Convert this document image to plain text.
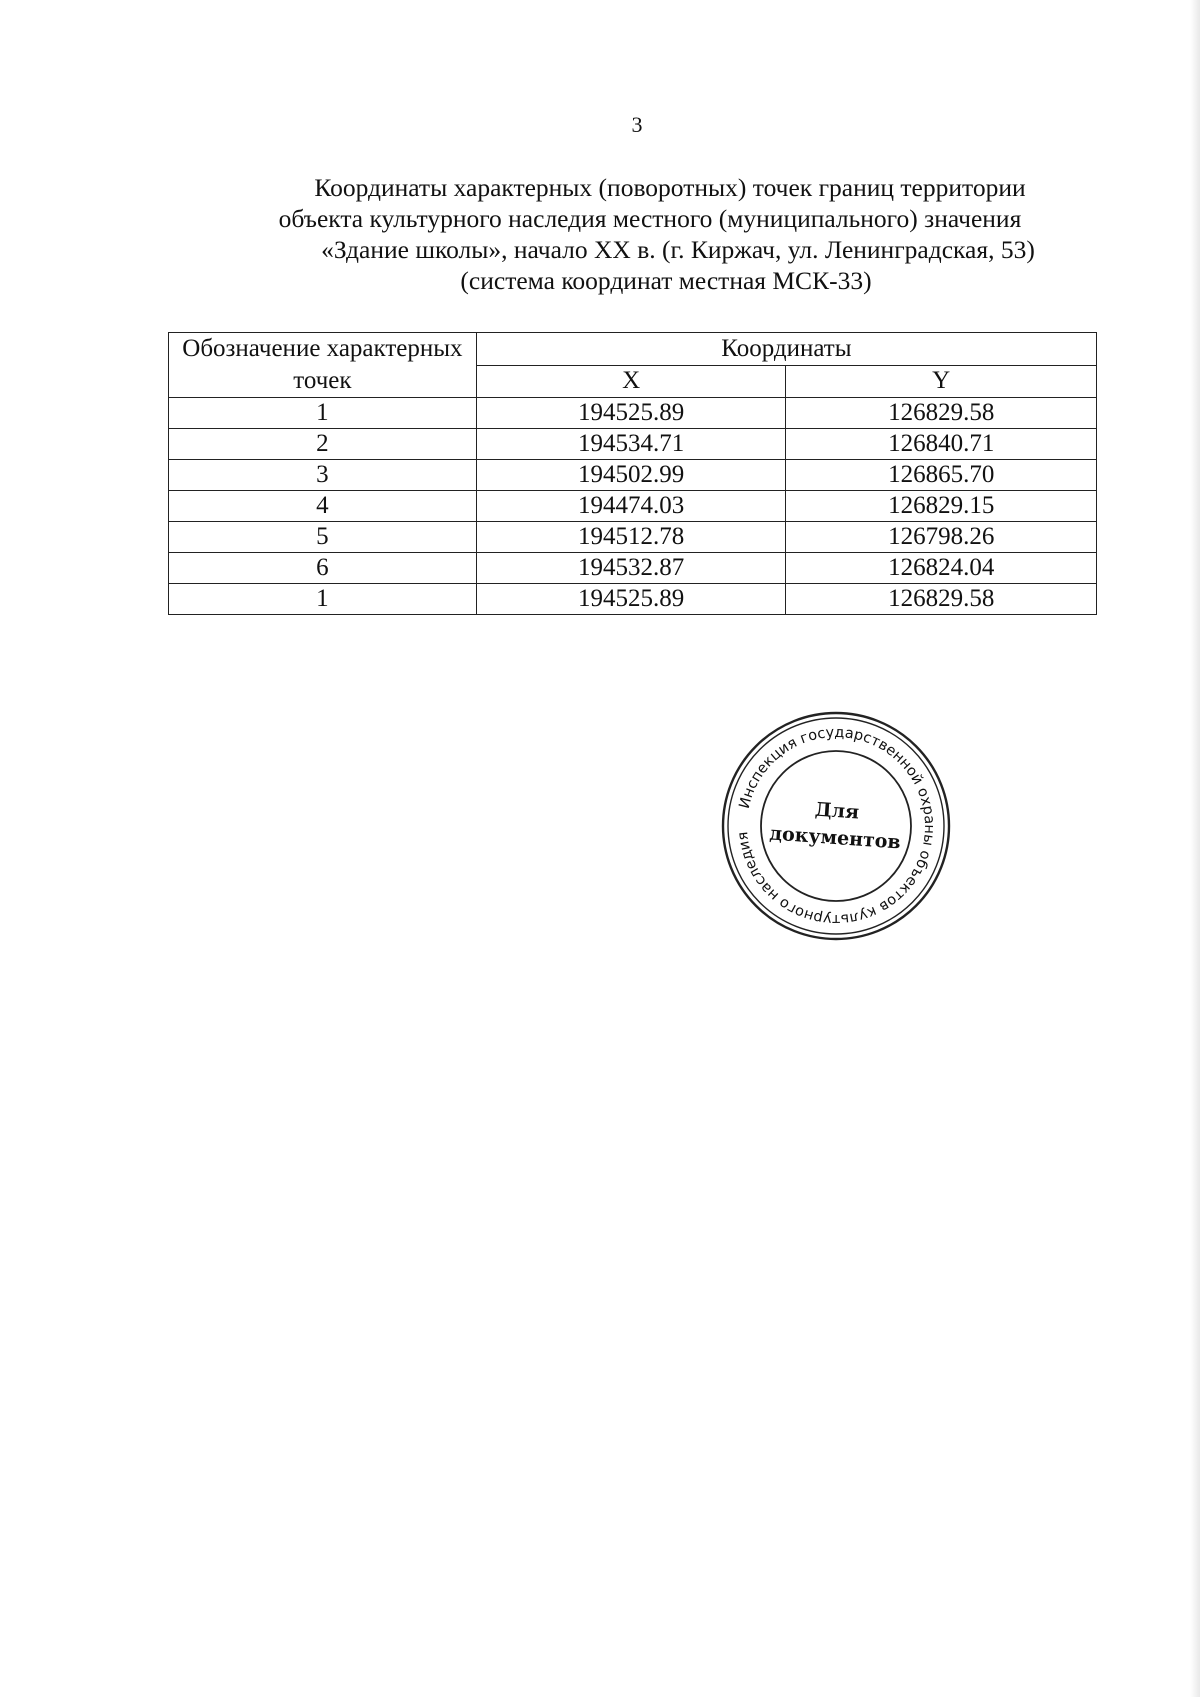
3
Координаты характерных (поворотных) точек границ территории
объекта культурного наследия местного (муниципального) значения
«Здание школы», начало XX в. (г. Киржач, ул. Ленинградская, 53)
(система координат местная МСК-33)
Обозначение характерных точек	Координаты	
	X	Y
1	194525.89	126829.58
2	194534.71	126840.71
3	194502.99	126865.70
4	194474.03	126829.15
5	194512.78	126798.26
6	194532.87	126824.04
1	194525.89	126829.58
Инспекция государственной охраны объектов культурного наследия
Для
документов
